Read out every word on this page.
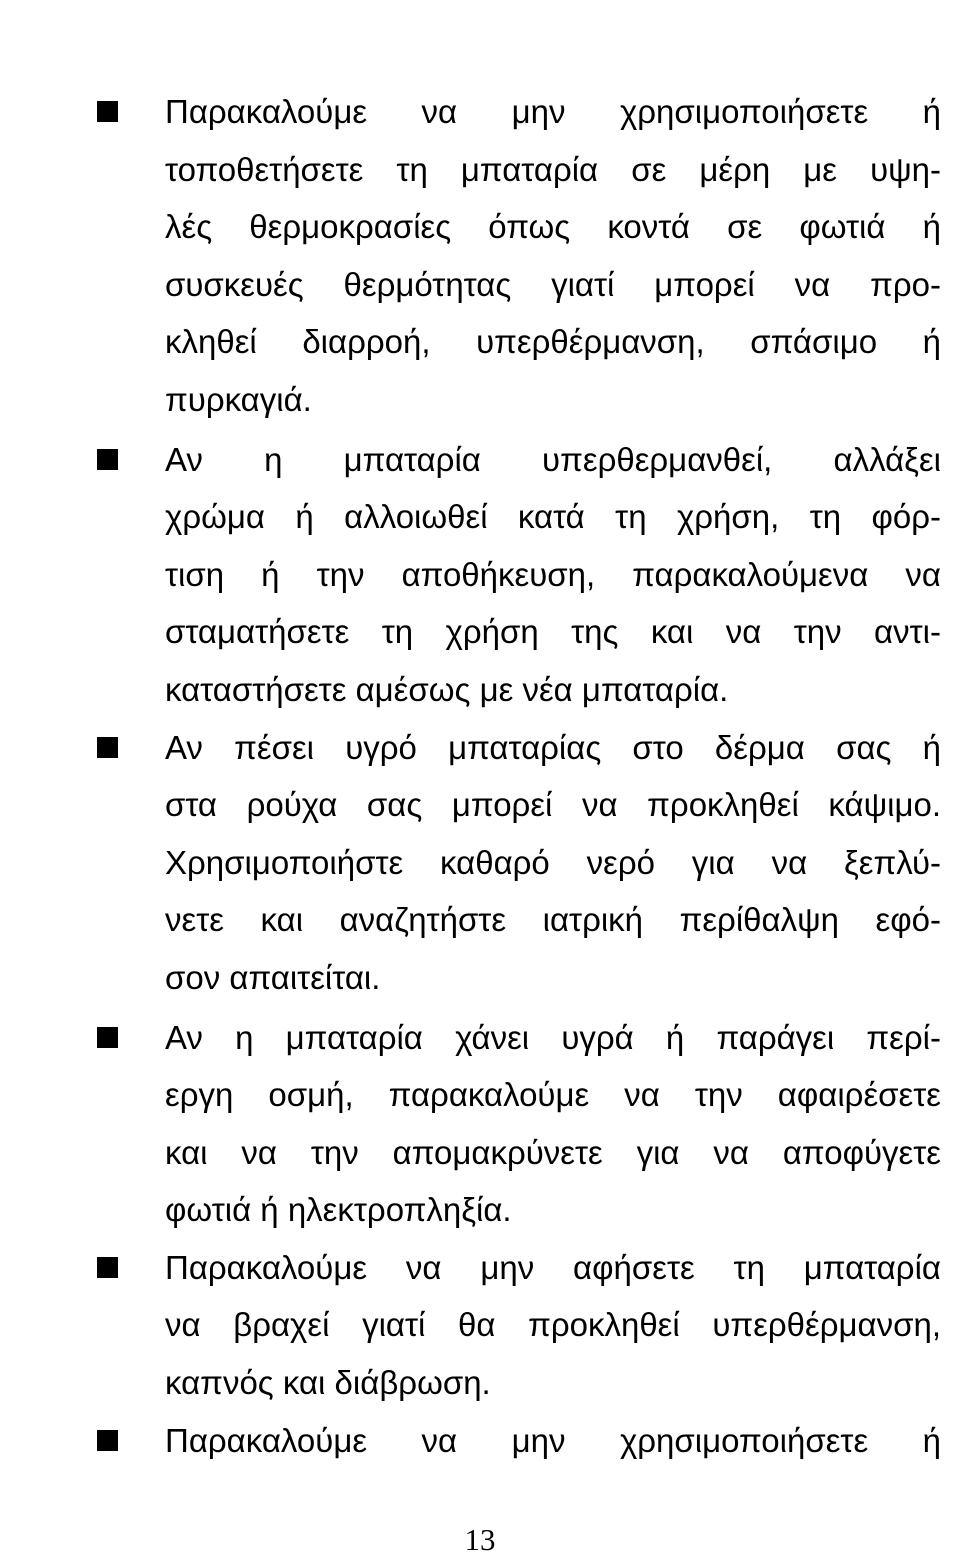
Παρακαλούμε να μην χρησιμοποιήσετε ή
τοποθετήσετε τη μπαταρία σε μέρη με υψη-
λές θερμοκρασίες όπως κοντά σε φωτιά ή
συσκευές θερμότητας γιατί μπορεί να προ-
κληθεί διαρροή, υπερθέρμανση, σπάσιμο ή
πυρκαγιά.
Αν η μπαταρία υπερθερμανθεί, αλλάξει
χρώμα ή αλλοιωθεί κατά τη χρήση, τη φόρ-
τιση ή την αποθήκευση, παρακαλούμενα να
σταματήσετε τη χρήση της και να την αντι-
καταστήσετε αμέσως με νέα μπαταρία.
Αν πέσει υγρό μπαταρίας στο δέρμα σας ή
στα ρούχα σας μπορεί να προκληθεί κάψιμο.
Χρησιμοποιήστε καθαρό νερό για να ξεπλύ-
νετε και αναζητήστε ιατρική περίθαλψη εφό-
σον απαιτείται.
Αν η μπαταρία χάνει υγρά ή παράγει περί-
εργη οσμή, παρακαλούμε να την αφαιρέσετε
και να την απομακρύνετε για να αποφύγετε
φωτιά ή ηλεκτροπληξία.
Παρακαλούμε να μην αφήσετε τη μπαταρία
να βραχεί γιατί θα προκληθεί υπερθέρμανση,
καπνός και διάβρωση.
Παρακαλούμε να μην χρησιμοποιήσετε ή
13
